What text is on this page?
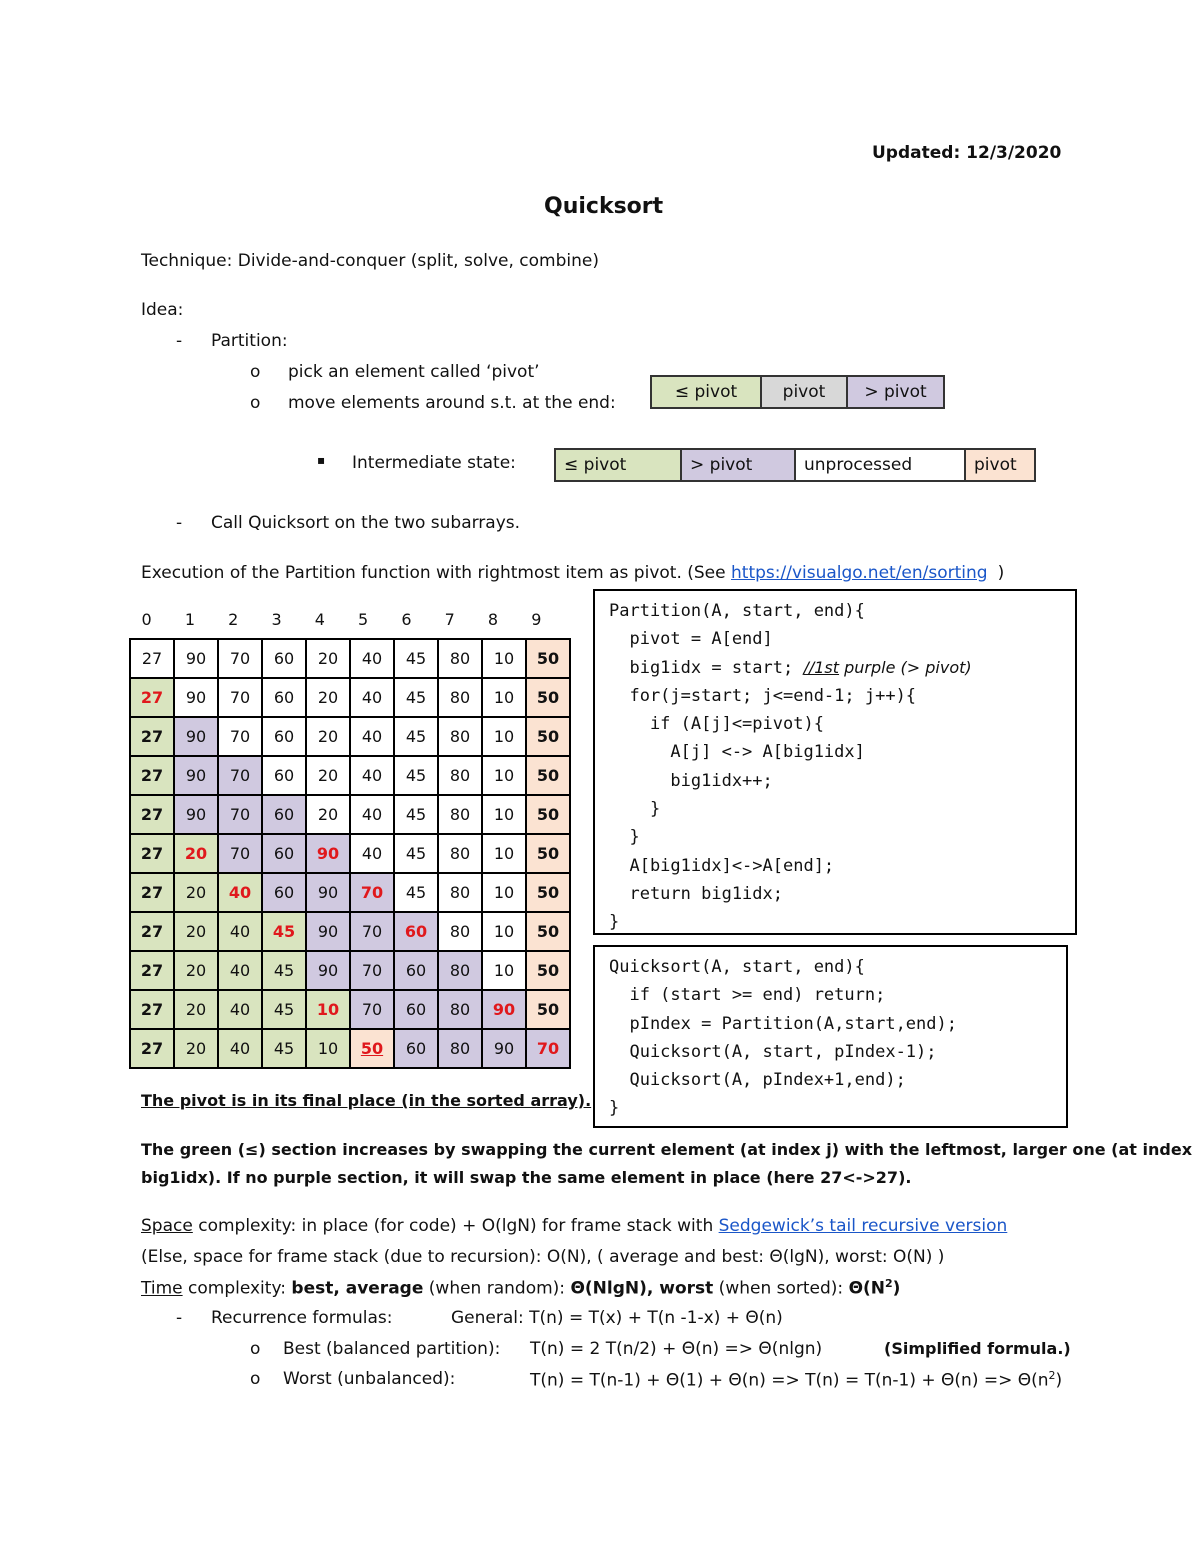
Updated: 12/3/2020
Quicksort
Technique: Divide-and-conquer (split, solve, combine)
Idea:
- Partition:
o pick an element called ‘pivot’
o move elements around s.t. at the end:
≤ pivot	pivot	> pivot
▪ Intermediate state:	≤ pivot	> pivot	unprocessed	pivot
- Call Quicksort on the two subarrays.
Execution of the Partition function with rightmost item as pivot. (See https://visualgo.net/en/sorting )
0	1	2	3	4	5	6	7	8	9
27	90	70	60	20	40	45	80	10	50
27	90	70	60	20	40	45	80	10	50
27	90	70	60	20	40	45	80	10	50
27	90	70	60	20	40	45	80	10	50
27	90	70	60	20	40	45	80	10	50
27	20	70	60	90	40	45	80	10	50
27	20	40	60	90	70	45	80	10	50
27	20	40	45	90	70	60	80	10	50
27	20	40	45	90	70	60	80	10	50
27	20	40	45	10	70	60	80	90	50
27	20	40	45	10	50	60	80	90	70
Partition(A, start, end){
pivot = A[end]
big1idx = start; //1st purple (> pivot)
for(j=start; j<=end-1; j++){
if (A[j]<=pivot){
A[j] <-> A[big1idx]
big1idx++;
}
}
A[big1idx]<->A[end];
return big1idx;
}
Quicksort(A, start, end){
if (start >= end) return;
pIndex = Partition(A,start,end);
Quicksort(A, start, pIndex-1);
Quicksort(A, pIndex+1,end);
}
The pivot is in its final place (in the sorted array).
The green (≤) section increases by swapping the current element (at index j) with the leftmost, larger one (at index
big1idx). If no purple section, it will swap the same element in place (here 27<->27).
Space complexity: in place (for code) + O(lgN) for frame stack with Sedgewick’s tail recursive version
(Else, space for frame stack (due to recursion): O(N), ( average and best: Θ(lgN), worst: O(N) )
Time complexity: best, average (when random): Θ(NlgN), worst (when sorted): $\Theta(N^2)$
- Recurrence formulas:	General: T(n) = T(x) + T(n -1-x) + Θ(n)
o Best (balanced partition): T(n) = 2 T(n/2) + Θ(n) => Θ(nlgn)	(Simplified formula.)
o Worst (unbalanced):	$T(n) = T(n-1) + \Theta(1) + \Theta(n) => T(n) = T(n-1) + \Theta(n) => \Theta(n^2)$
